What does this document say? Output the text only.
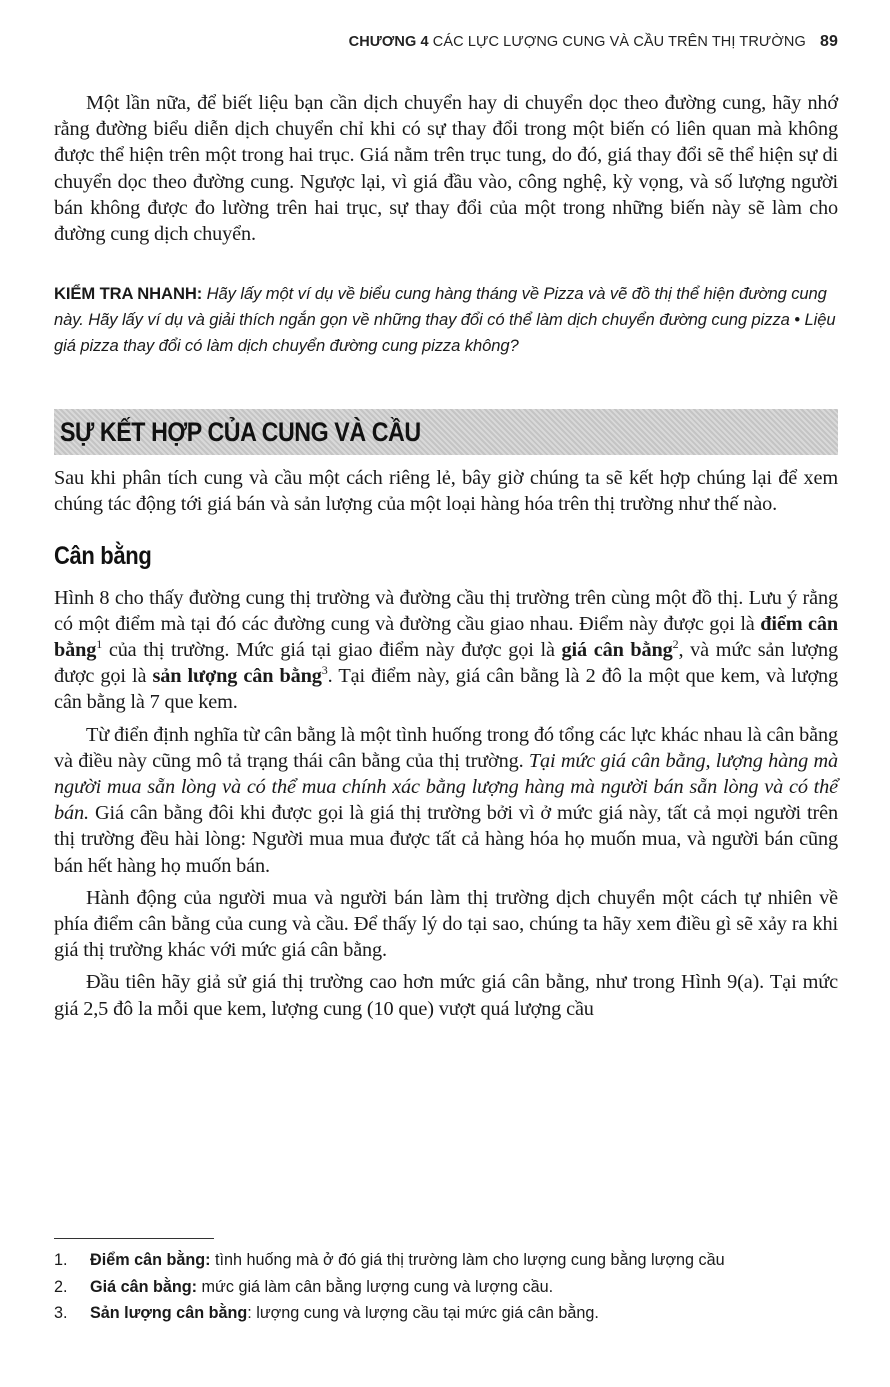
CHƯƠNG 4 CÁC LỰC LƯỢNG CUNG VÀ CẦU TRÊN THỊ TRƯỜNG 89

Một lần nữa, để biết liệu bạn cần dịch chuyển hay di chuyển dọc theo đường cung, hãy nhớ rằng đường biểu diễn dịch chuyển chỉ khi có sự thay đổi trong một biến có liên quan mà không được thể hiện trên một trong hai trục. Giá nằm trên trục tung, do đó, giá thay đổi sẽ thể hiện sự di chuyển dọc theo đường cung. Ngược lại, vì giá đầu vào, công nghệ, kỳ vọng, và số lượng người bán không được đo lường trên hai trục, sự thay đổi của một trong những biến này sẽ làm cho đường cung dịch chuyển.

KIỂM TRA NHANH: Hãy lấy một ví dụ về biểu cung hàng tháng về Pizza và vẽ đồ thị thể hiện đường cung này. Hãy lấy ví dụ và giải thích ngắn gọn về những thay đổi có thể làm dịch chuyển đường cung pizza • Liệu giá pizza thay đổi có làm dịch chuyển đường cung pizza không?
SỰ KẾT HỢP CỦA CUNG VÀ CẦU

Sau khi phân tích cung và cầu một cách riêng lẻ, bây giờ chúng ta sẽ kết hợp chúng lại để xem chúng tác động tới giá bán và sản lượng của một loại hàng hóa trên thị trường như thế nào.

Cân bằng

Hình 8 cho thấy đường cung thị trường và đường cầu thị trường trên cùng một đồ thị. Lưu ý rằng có một điểm mà tại đó các đường cung và đường cầu giao nhau. Điểm này được gọi là điểm cân bằng$^1$ của thị trường. Mức giá tại giao điểm này được gọi là giá cân bằng$^2$, và mức sản lượng được gọi là sản lượng cân bằng$^3$. Tại điểm này, giá cân bằng là 2 đô la một que kem, và lượng cân bằng là 7 que kem.

Từ điển định nghĩa từ cân bằng là một tình huống trong đó tổng các lực khác nhau là cân bằng và điều này cũng mô tả trạng thái cân bằng của thị trường. Tại mức giá cân bằng, lượng hàng mà người mua sẵn lòng và có thể mua chính xác bằng lượng hàng mà người bán sẵn lòng và có thể bán. Giá cân bằng đôi khi được gọi là giá thị trường bởi vì ở mức giá này, tất cả mọi người trên thị trường đều hài lòng: Người mua mua được tất cả hàng hóa họ muốn mua, và người bán cũng bán hết hàng họ muốn bán.

Hành động của người mua và người bán làm thị trường dịch chuyển một cách tự nhiên về phía điểm cân bằng của cung và cầu. Để thấy lý do tại sao, chúng ta hãy xem điều gì sẽ xảy ra khi giá thị trường khác với mức giá cân bằng.

Đầu tiên hãy giả sử giá thị trường cao hơn mức giá cân bằng, như trong Hình 9(a). Tại mức giá 2,5 đô la mỗi que kem, lượng cung (10 que) vượt quá lượng cầu

1.	Điểm cân bằng: tình huống mà ở đó giá thị trường làm cho lượng cung bằng lượng cầu
2.	Giá cân bằng: mức giá làm cân bằng lượng cung và lượng cầu.
3.	Sản lượng cân bằng: lượng cung và lượng cầu tại mức giá cân bằng.
